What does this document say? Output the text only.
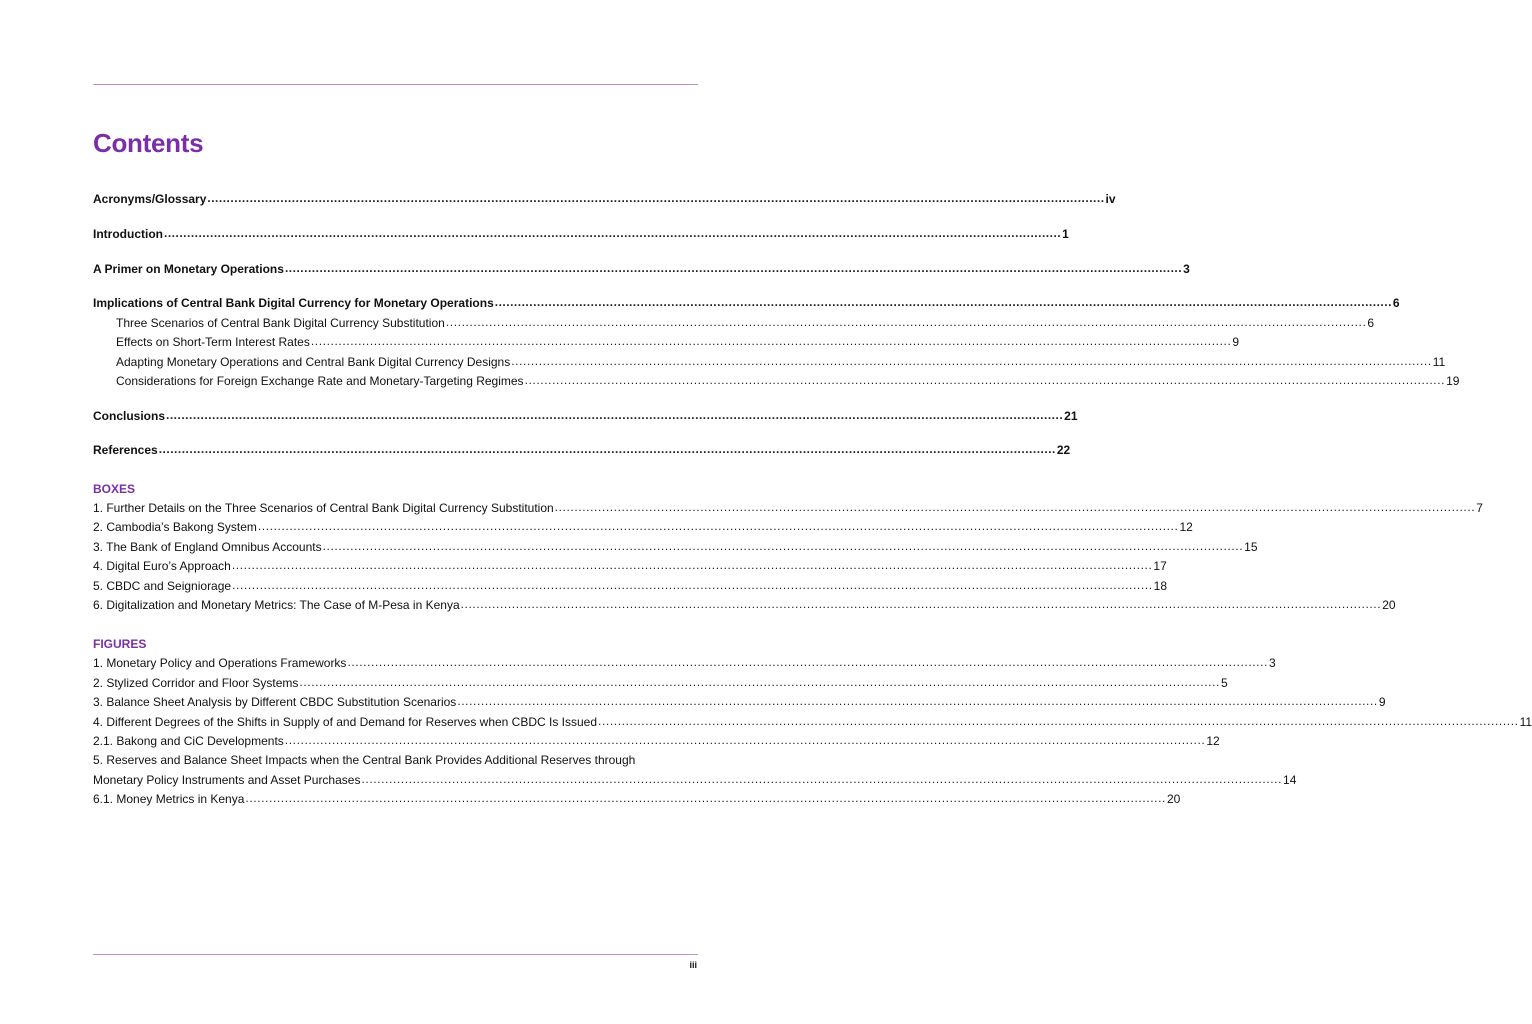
Contents
Acronyms/Glossary .......................................................................................................................................................................................................................................... iv
Introduction .......................................................................................................................................................................................................................................... 1
A Primer on Monetary Operations .......................................................................................................................................................................................................................................... 3
Implications of Central Bank Digital Currency for Monetary Operations .......................................................................................................................................................................................................................................... 6
Three Scenarios of Central Bank Digital Currency Substitution .......................................................................................................................................................................................................................................... 6
Effects on Short-Term Interest Rates .......................................................................................................................................................................................................................................... 9
Adapting Monetary Operations and Central Bank Digital Currency Designs .......................................................................................................................................................................................................................................... 11
Considerations for Foreign Exchange Rate and Monetary-Targeting Regimes .......................................................................................................................................................................................................................................... 19
Conclusions .......................................................................................................................................................................................................................................... 21
References .......................................................................................................................................................................................................................................... 22
BOXES
1. Further Details on the Three Scenarios of Central Bank Digital Currency Substitution .......................................................................................................................................................................................................................................... 7
2. Cambodia’s Bakong System .......................................................................................................................................................................................................................................... 12
3. The Bank of England Omnibus Accounts .......................................................................................................................................................................................................................................... 15
4. Digital Euro’s Approach .......................................................................................................................................................................................................................................... 17
5. CBDC and Seigniorage .......................................................................................................................................................................................................................................... 18
6. Digitalization and Monetary Metrics: The Case of M-Pesa in Kenya .......................................................................................................................................................................................................................................... 20
FIGURES
1. Monetary Policy and Operations Frameworks .......................................................................................................................................................................................................................................... 3
2. Stylized Corridor and Floor Systems .......................................................................................................................................................................................................................................... 5
3. Balance Sheet Analysis by Different CBDC Substitution Scenarios .......................................................................................................................................................................................................................................... 9
4. Different Degrees of the Shifts in Supply of and Demand for Reserves when CBDC Is Issued .......................................................................................................................................................................................................................................... 11
2.1. Bakong and CiC Developments .......................................................................................................................................................................................................................................... 12
5. Reserves and Balance Sheet Impacts when the Central Bank Provides Additional Reserves through
Monetary Policy Instruments and Asset Purchases .......................................................................................................................................................................................................................................... 14
6.1. Money Metrics in Kenya .......................................................................................................................................................................................................................................... 20
iii
